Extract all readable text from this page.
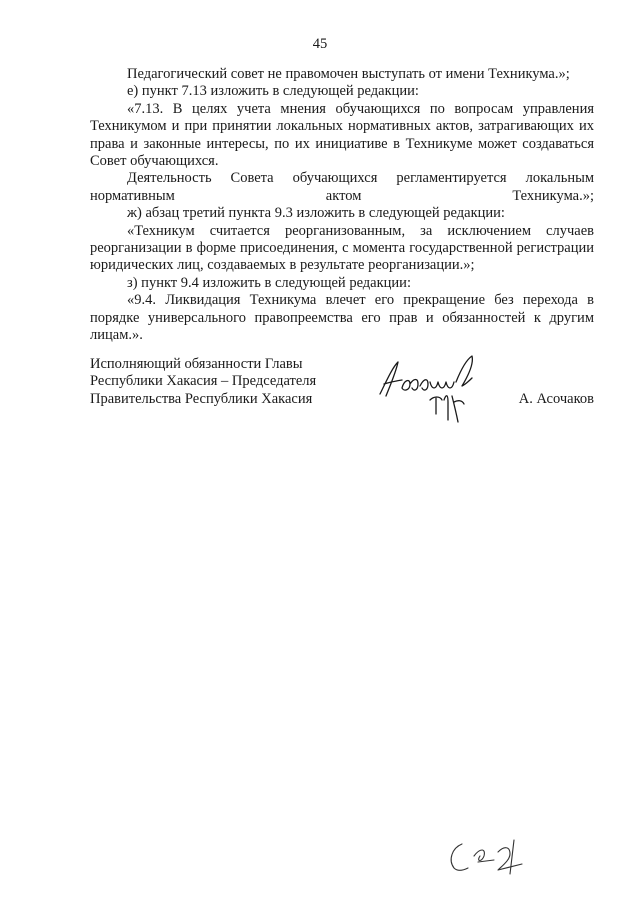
45

Педагогический совет не правомочен выступать от имени Техникума.»;

е) пункт 7.13 изложить в следующей редакции:

«7.13. В целях учета мнения обучающихся по вопросам управления Техникумом и при принятии локальных нормативных актов, затрагивающих их права и законные интересы, по их инициативе в Техникуме может создаваться Совет обучающихся.

Деятельность Совета обучающихся регламентируется локальным нормативным актом Техникума.»;

ж) абзац третий пункта 9.3 изложить в следующей редакции:

«Техникум считается реорганизованным, за исключением случаев реорганизации в форме присоединения, с момента государственной регистрации юридических лиц, создаваемых в результате реорганизации.»;

з) пункт 9.4 изложить в следующей редакции:

«9.4. Ликвидация Техникума влечет его прекращение без перехода в порядке универсального правопреемства его прав и обязанностей к другим лицам.».

Исполняющий обязанности Главы
Республики Хакасия – Председателя
Правительства Республики Хакасия	А. Асочаков
